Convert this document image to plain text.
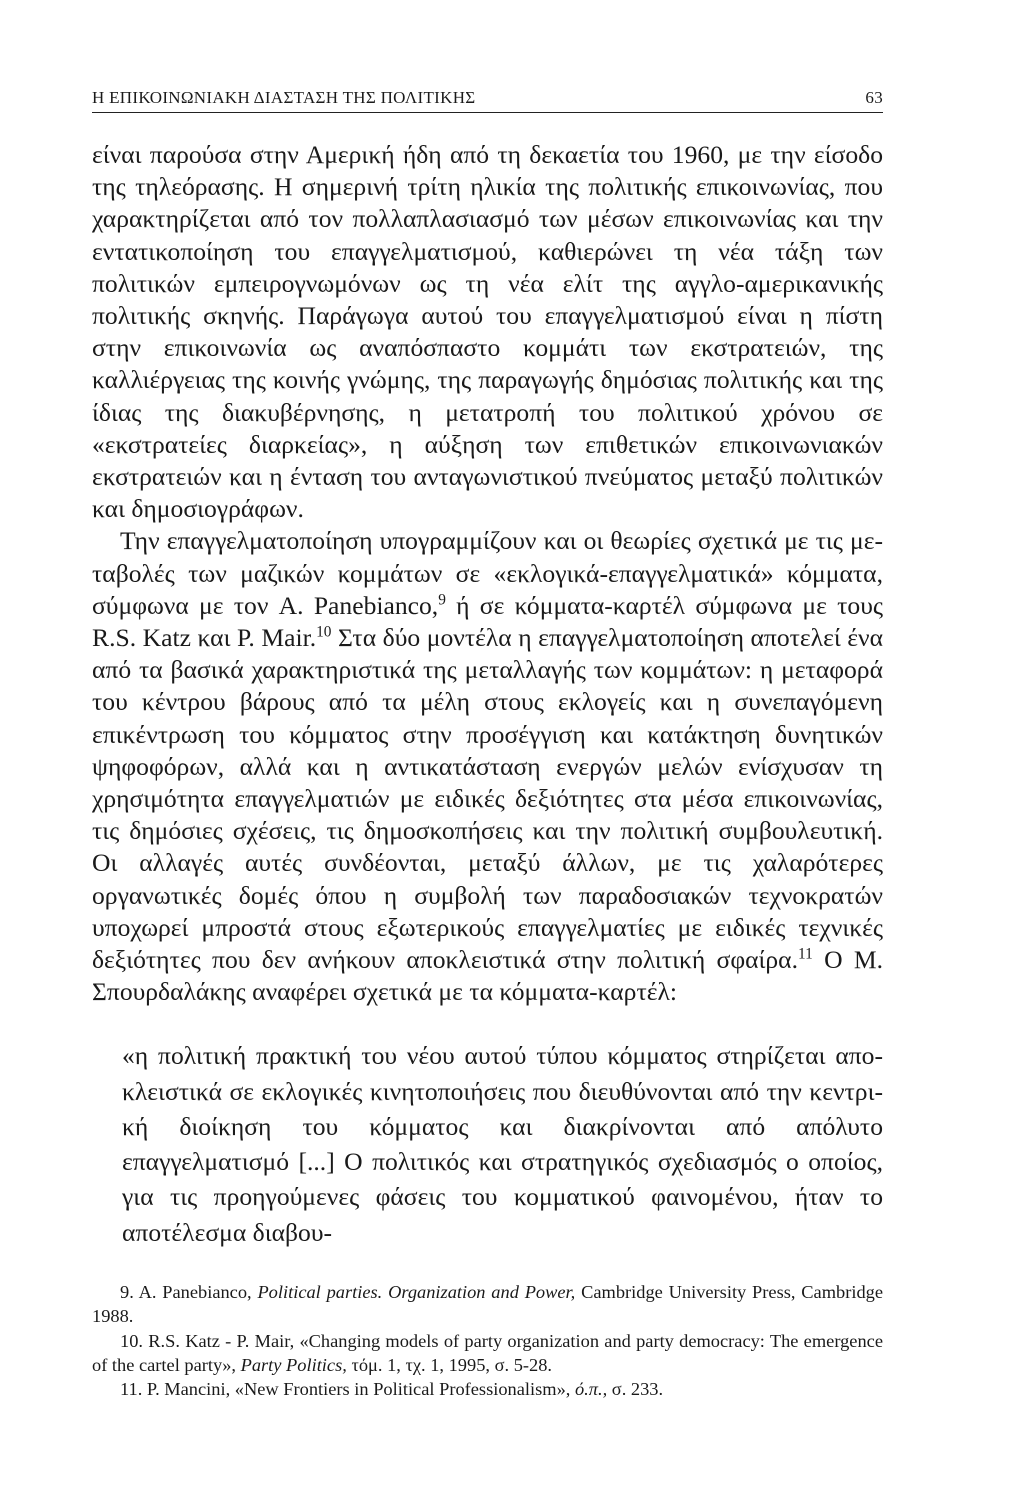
Η ΕΠΙΚΟΙΝΩΝΙΑΚΗ ΔΙΑΣΤΑΣΗ ΤΗΣ ΠΟΛΙΤΙΚΗΣ	63

είναι παρούσα στην Αμερική ήδη από τη δεκαετία του 1960, με την είσοδο της τηλεόρασης. Η σημερινή τρίτη ηλικία της πολιτικής επικοινωνίας, που χαρακτηρίζεται από τον πολλαπλασιασμό των μέσων επικοινωνίας και την εντατικοποίηση του επαγγελματισμού, καθιερώνει τη νέα τάξη των πολιτικών εμπειρογνωμόνων ως τη νέα ελίτ της αγγλο-αμερικανικής πολιτικής σκηνής. Παράγωγα αυτού του επαγγελματισμού είναι η πίστη στην επικοινωνία ως αναπόσπαστο κομμάτι των εκστρατειών, της καλλιέργειας της κοινής γνώμης, της παραγωγής δημόσιας πολιτικής και της ίδιας της διακυβέρνησης, η μετατροπή του πολιτικού χρόνου σε «εκστρατείες διαρκείας», η αύξηση των επιθετικών επικοινωνιακών εκστρατειών και η ένταση του ανταγωνιστικού πνεύματος μεταξύ πολιτικών και δημοσιογράφων.

Την επαγγελματοποίηση υπογραμμίζουν και οι θεωρίες σχετικά με τις μεταβολές των μαζικών κομμάτων σε «εκλογικά-επαγγελματικά» κόμματα, σύμφωνα με τον A. Panebianco,$^9$ ή σε κόμματα-καρτέλ σύμφωνα με τους R.S. Katz και P. Mair.$^{10}$ Στα δύο μοντέλα η επαγγελματοποίηση αποτελεί ένα από τα βασικά χαρακτηριστικά της μεταλλαγής των κομμάτων: η μεταφορά του κέντρου βάρους από τα μέλη στους εκλογείς και η συνεπαγόμενη επικέντρωση του κόμματος στην προσέγγιση και κατάκτηση δυνητικών ψηφοφόρων, αλλά και η αντικατάσταση ενεργών μελών ενίσχυσαν τη χρησιμότητα επαγγελματιών με ειδικές δεξιότητες στα μέσα επικοινωνίας, τις δημόσιες σχέσεις, τις δημοσκοπήσεις και την πολιτική συμβουλευτική. Οι αλλαγές αυτές συνδέονται, μεταξύ άλλων, με τις χαλαρότερες οργανωτικές δομές όπου η συμβολή των παραδοσιακών τεχνοκρατών υποχωρεί μπροστά στους εξωτερικούς επαγγελματίες με ειδικές τεχνικές δεξιότητες που δεν ανήκουν αποκλειστικά στην πολιτική σφαίρα.$^{11}$ Ο Μ. Σπουρδαλάκης αναφέρει σχετικά με τα κόμματα-καρτέλ:

«η πολιτική πρακτική του νέου αυτού τύπου κόμματος στηρίζεται αποκλειστικά σε εκλογικές κινητοποιήσεις που διευθύνονται από την κεντρική διοίκηση του κόμματος και διακρίνονται από απόλυτο επαγγελματισμό [...] Ο πολιτικός και στρατηγικός σχεδιασμός ο οποίος, για τις προηγούμενες φάσεις του κομματικού φαινομένου, ήταν το αποτέλεσμα διαβου-

9. A. Panebianco, Political parties. Organization and Power, Cambridge University Press, Cambridge 1988.

10. R.S. Katz - P. Mair, «Changing models of party organization and party democracy: The emergence of the cartel party», Party Politics, τόμ. 1, τχ. 1, 1995, σ. 5-28.

11. P. Mancini, «New Frontiers in Political Professionalism», ό.π., σ. 233.
